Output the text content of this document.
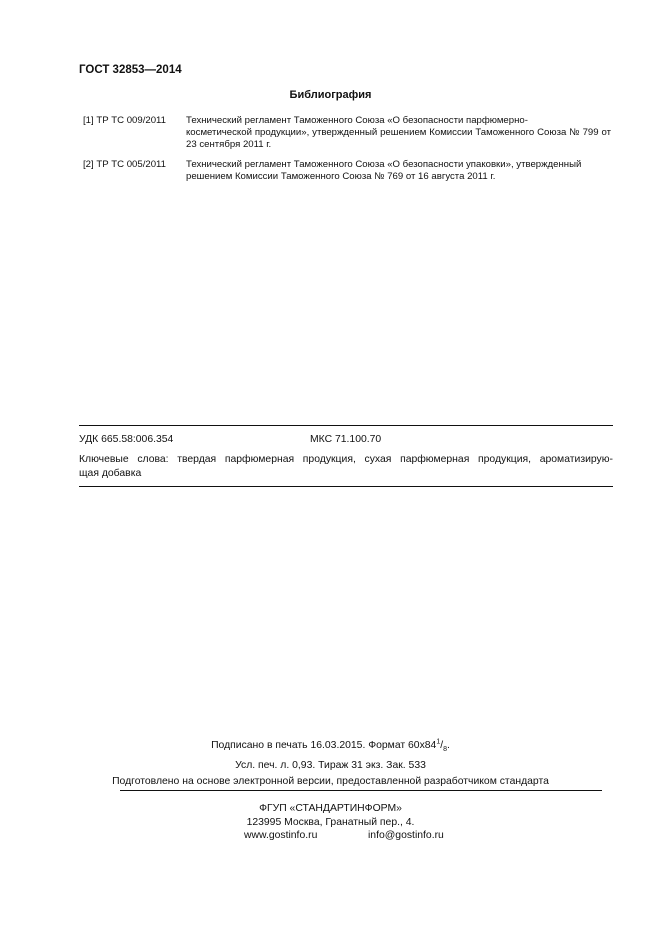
ГОСТ 32853—2014
Библиография
[1] ТР ТС 009/2011	Технический регламент Таможенного Союза «О безопасности парфюмерно-
косметической продукции», утвержденный решением Комиссии Таможенного Союза № 799 от 23 сентября 2011 г.
[2] ТР ТС 005/2011	Технический регламент Таможенного Союза «О безопасности упаковки», утвержденный
решением Комиссии Таможенного Союза № 769 от 16 августа 2011 г.
УДК 665.58:006.354	МКС 71.100.70
Ключевые слова: твердая парфюмерная продукция, сухая парфюмерная продукция, ароматизирую-
щая добавка
Подписано в печать 16.03.2015. Формат $60x84^1/_8$.
Усл. печ. л. 0,93. Тираж 31 экз. Зак. 533
Подготовлено на основе электронной версии, предоставленной разработчиком стандарта
ФГУП «СТАНДАРТИНФОРМ»
123995 Москва, Гранатный пер., 4.
www.gostinfo.ru	info@gostinfo.ru
